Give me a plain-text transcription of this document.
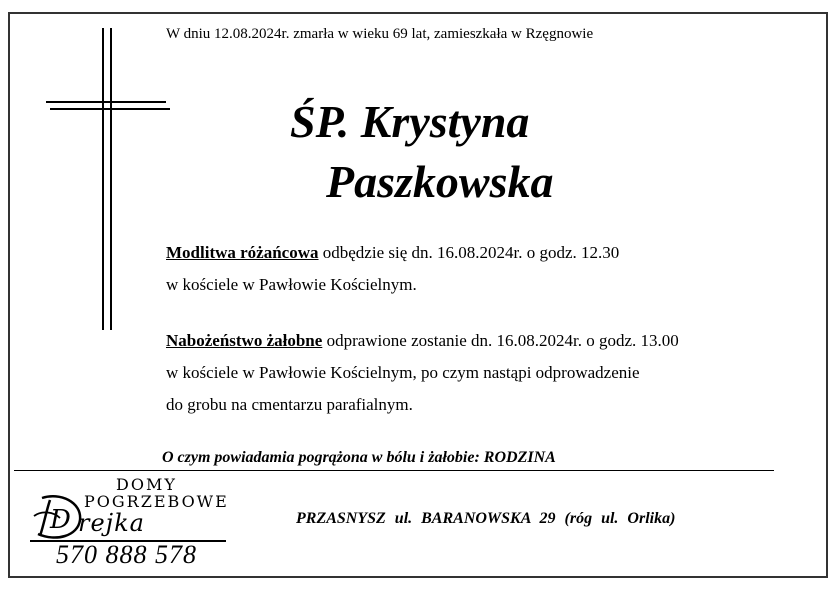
W dniu 12.08.2024r. zmarła w wieku 69 lat, zamieszkała w Rzęgnowie
ŚP. Krystyna
Paszkowska
Modlitwa różańcowa odbędzie się dn. 16.08.2024r. o godz. 12.30
w kościele w Pawłowie Kościelnym.
Nabożeństwo żałobne odprawione zostanie dn. 16.08.2024r. o godz. 13.00
w kościele w Pawłowie Kościelnym, po czym nastąpi odprowadzenie
do grobu na cmentarzu parafialnym.
O czym powiadamia pogrążona w bólu i żałobie: RODZINA
DOMY
POGRZEBOWE
D rejka
570 888 578
PRZASNYSZ ul. BARANOWSKA 29 (róg ul. Orlika)
